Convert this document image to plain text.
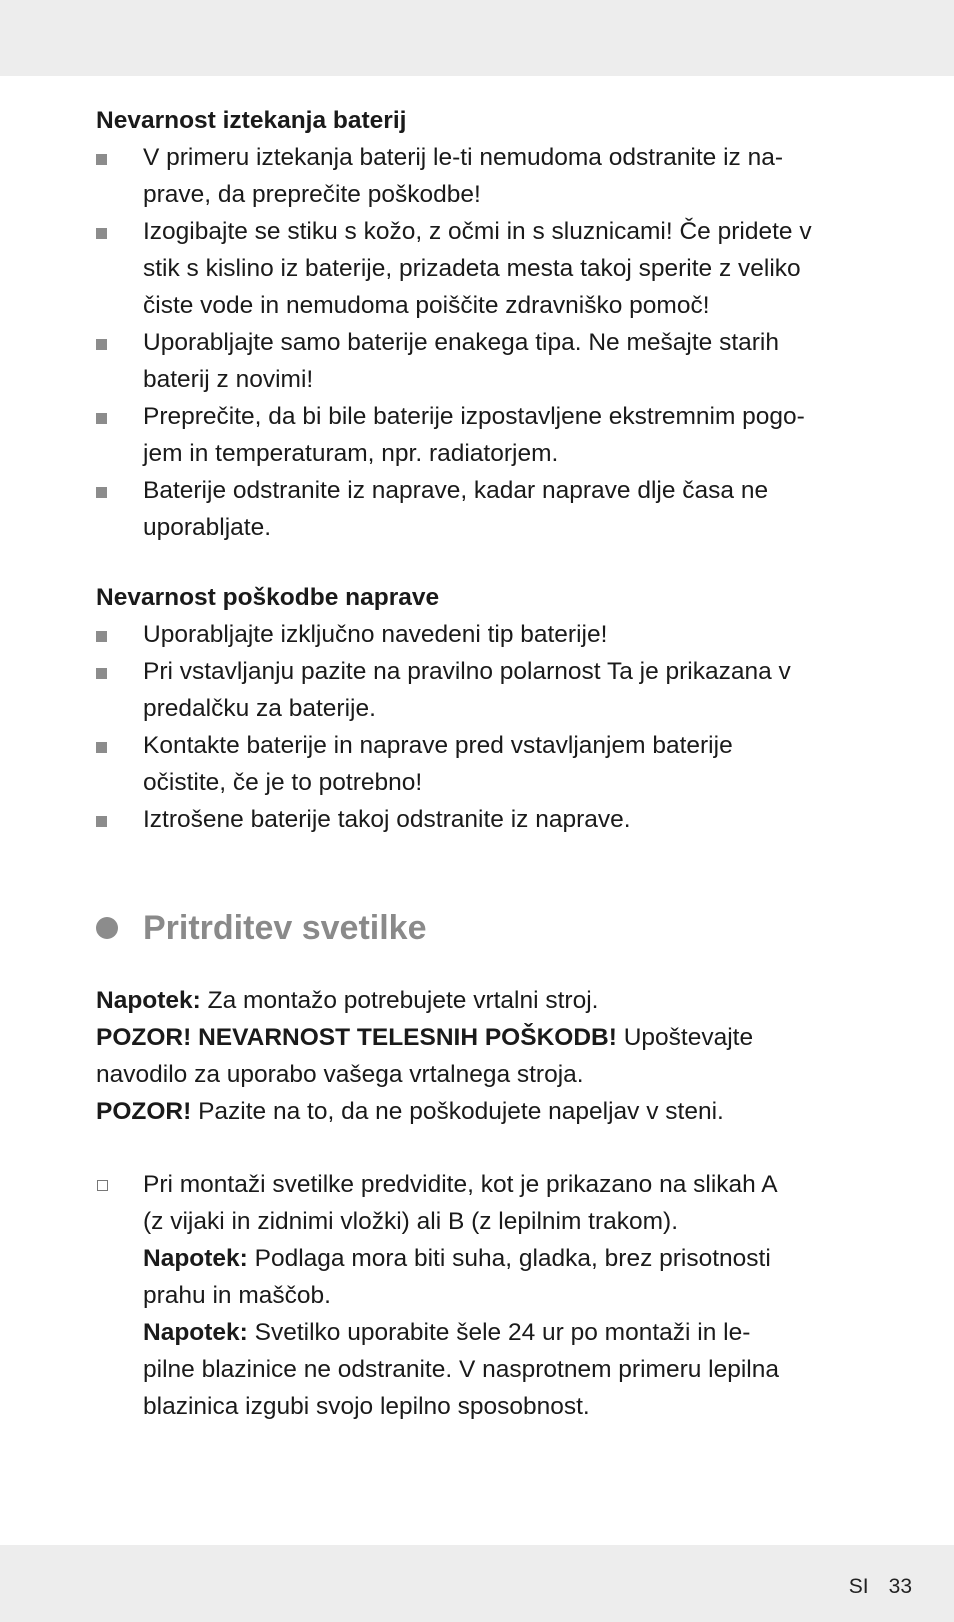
Nevarnost iztekanja baterij

V primeru iztekanja baterij le-ti nemudoma odstranite iz na-
prave, da preprečite poškodbe!
Izogibajte se stiku s kožo, z očmi in s sluznicami! Če pridete v
stik s kislino iz baterije, prizadeta mesta takoj sperite z veliko
čiste vode in nemudoma poiščite zdravniško pomoč!
Uporabljajte samo baterije enakega tipa. Ne mešajte starih
baterij z novimi!
Preprečite, da bi bile baterije izpostavljene ekstremnim pogo-
jem in temperaturam, npr. radiatorjem.
Baterije odstranite iz naprave, kadar naprave dlje časa ne
uporabljate.

Nevarnost poškodbe naprave

Uporabljajte izključno navedeni tip baterije!
Pri vstavljanju pazite na pravilno polarnost Ta je prikazana v
predalčku za baterije.
Kontakte baterije in naprave pred vstavljanjem baterije
očistite, če je to potrebno!
Iztrošene baterije takoj odstranite iz naprave.
Pritrditev svetilke

Napotek: Za montažo potrebujete vrtalni stroj.

POZOR! NEVARNOST TELESNIH POŠKODB! Upoštevajte
navodilo za uporabo vašega vrtalnega stroja.

POZOR! Pazite na to, da ne poškodujete napeljav v steni.

Pri montaži svetilke predvidite, kot je prikazano na slikah A
(z vijaki in zidnimi vložki) ali B (z lepilnim trakom).

Napotek: Podlaga mora biti suha, gladka, brez prisotnosti
prahu in maščob.

Napotek: Svetilko uporabite šele 24 ur po montaži in le-
pilne blazinice ne odstranite. V nasprotnem primeru lepilna
blazinica izgubi svojo lepilno sposobnost.

SI 33
